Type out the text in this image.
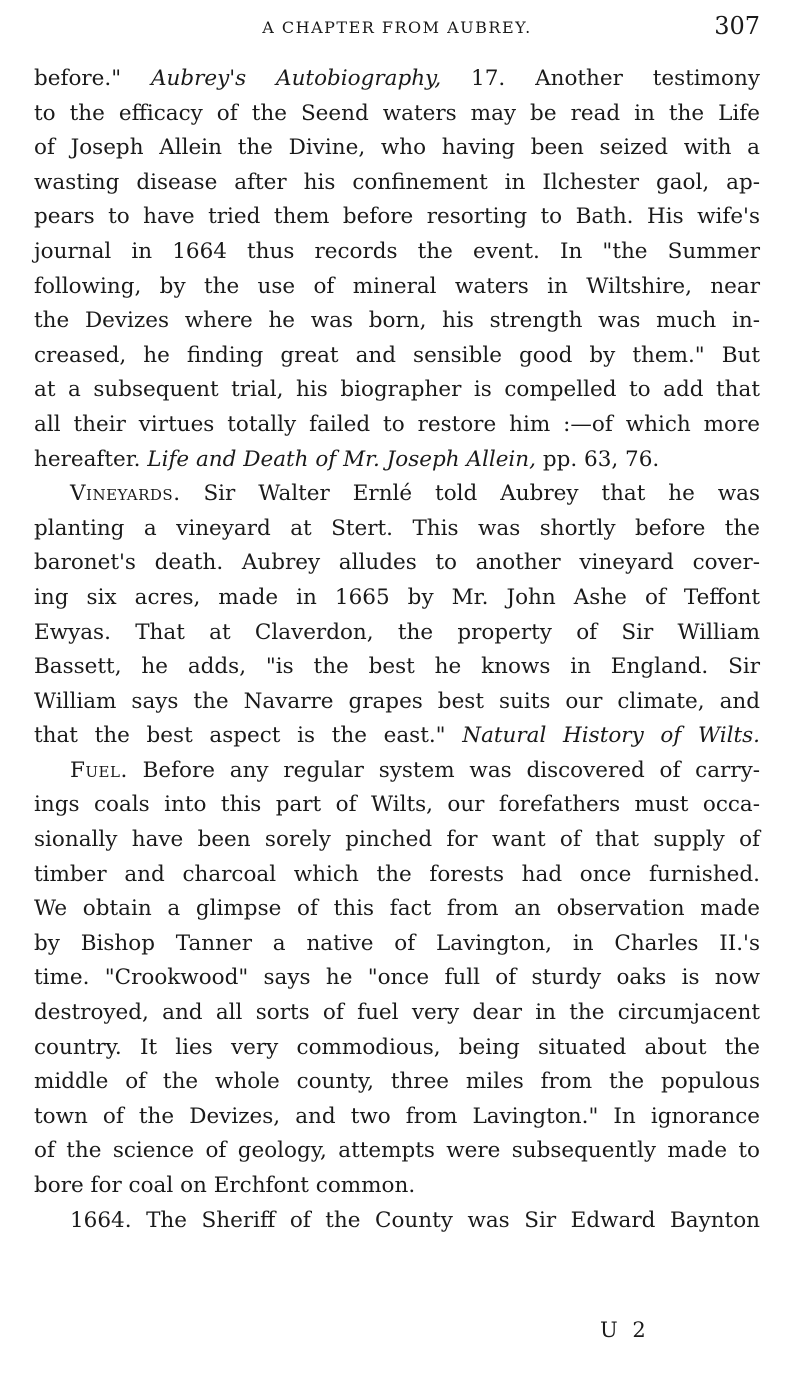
A CHAPTER FROM AUBREY.	307
before." Aubrey's Autobiography, 17. Another testimony
to the efficacy of the Seend waters may be read in the Life
of Joseph Allein the Divine, who having been seized with a
wasting disease after his confinement in Ilchester gaol, ap-
pears to have tried them before resorting to Bath. His wife's
journal in 1664 thus records the event. In "the Summer
following, by the use of mineral waters in Wiltshire, near
the Devizes where he was born, his strength was much in-
creased, he finding great and sensible good by them." But
at a subsequent trial, his biographer is compelled to add that
all their virtues totally failed to restore him :—of which more
hereafter. Life and Death of Mr. Joseph Allein, pp. 63, 76.
Vineyards. Sir Walter Ernlé told Aubrey that he was
planting a vineyard at Stert. This was shortly before the
baronet's death. Aubrey alludes to another vineyard cover-
ing six acres, made in 1665 by Mr. John Ashe of Teffont
Ewyas. That at Claverdon, the property of Sir William
Bassett, he adds, "is the best he knows in England. Sir
William says the Navarre grapes best suits our climate, and
that the best aspect is the east." Natural History of Wilts.
Fuel. Before any regular system was discovered of carry-
ings coals into this part of Wilts, our forefathers must occa-
sionally have been sorely pinched for want of that supply of
timber and charcoal which the forests had once furnished.
We obtain a glimpse of this fact from an observation made
by Bishop Tanner a native of Lavington, in Charles II.'s
time. "Crookwood" says he "once full of sturdy oaks is now
destroyed, and all sorts of fuel very dear in the circumjacent
country. It lies very commodious, being situated about the
middle of the whole county, three miles from the populous
town of the Devizes, and two from Lavington." In ignorance
of the science of geology, attempts were subsequently made to
bore for coal on Erchfont common.
1664. The Sheriff of the County was Sir Edward Baynton
U 2
